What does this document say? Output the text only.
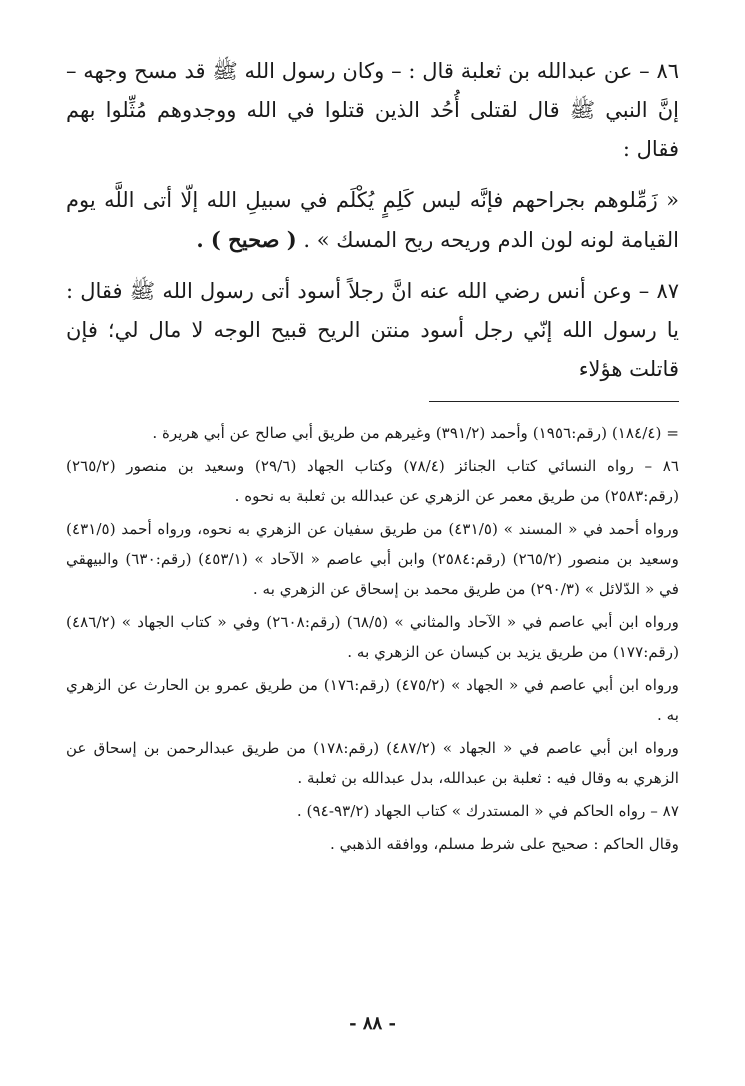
٨٦ – عن عبدالله بن ثعلبة قال : – وكان رسول الله ﷺ قد مسح وجهه – إنَّ النبي ﷺ قال لقتلى أُحُد الذين قتلوا في الله ووجدوهم مُثِّلوا بهم فقال :

« زَمِّلوهم بجراحهم فإنَّه ليس كَلِمٍ يُكْلَم في سبيلِ الله إلّا أتى اللَّه يوم القيامة لونه لون الدم وريحه ريح المسك » . ( صحيح ) .

٨٧ – وعن أنس رضي الله عنه انَّ رجلاً أسود أتى رسول الله ﷺ فقال : يا رسول الله إنّي رجل أسود منتن الريح قبيح الوجه لا مال لي؛ فإن قاتلت هؤلاء

= (١٨٤/٤) (رقم:١٩٥٦) وأحمد (٣٩١/٢) وغيرهم من طريق أبي صالح عن أبي هريرة .

٨٦ – رواه النسائي كتاب الجنائز (٧٨/٤) وكتاب الجهاد (٢٩/٦) وسعيد بن منصور (٢٦٥/٢) (رقم:٢٥٨٣) من طريق معمر عن الزهري عن عبدالله بن ثعلبة به نحوه .

ورواه أحمد في « المسند » (٤٣١/٥) من طريق سفيان عن الزهري به نحوه، ورواه أحمد (٤٣١/٥) وسعيد بن منصور (٢٦٥/٢) (رقم:٢٥٨٤) وابن أبي عاصم « الآحاد » (٤٥٣/١) (رقم:٦٣٠) والبيهقي في « الدّلائل » (٢٩٠/٣) من طريق محمد بن إسحاق عن الزهري به .

ورواه ابن أبي عاصم في « الآحاد والمثاني » (٦٨/٥) (رقم:٢٦٠٨) وفي « كتاب الجهاد » (٤٨٦/٢) (رقم:١٧٧) من طريق يزيد بن كيسان عن الزهري به .

ورواه ابن أبي عاصم في « الجهاد » (٤٧٥/٢) (رقم:١٧٦) من طريق عمرو بن الحارث عن الزهري به .

ورواه ابن أبي عاصم في « الجهاد » (٤٨٧/٢) (رقم:١٧٨) من طريق عبدالرحمن بن إسحاق عن الزهري به وقال فيه : ثعلبة بن عبدالله، بدل عبدالله بن ثعلبة .

٨٧ – رواه الحاكم في « المستدرك » كتاب الجهاد (٩٣/٢-٩٤) .

وقال الحاكم : صحيح على شرط مسلم، ووافقه الذهبي .

- ٨٨ -
